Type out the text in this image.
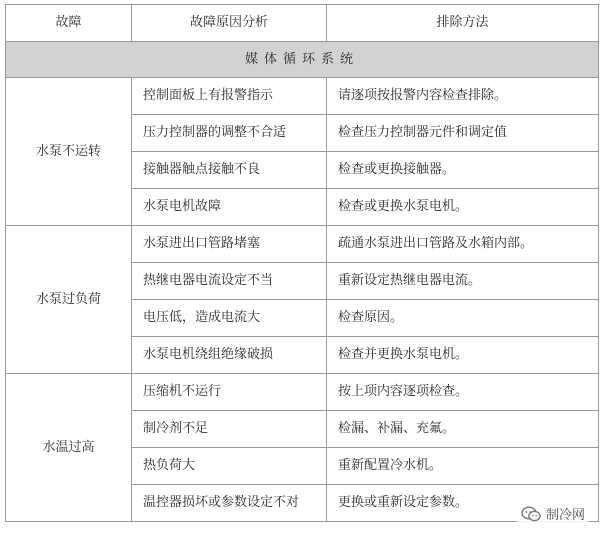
故障	故障原因分析	排除方法
媒体循环系统		
水泵不运转	控制面板上有报警指示	请逐项按报警内容检查排除。
	压力控制器的调整不合适	检查压力控制器元件和调定值
	接触器触点接触不良	检查或更换接触器。
	水泵电机故障	检查或更换水泵电机。
水泵过负荷	水泵进出口管路堵塞	疏通水泵进出口管路及水箱内部。
	热继电器电流设定不当	重新设定热继电器电流。
	电压低，造成电流大	检查原因。
	水泵电机绕组绝缘破损	检查并更换水泵电机。
水温过高	压缩机不运行	按上项内容逐项检查。
	制冷剂不足	检漏、补漏、充氟。
	热负荷大	重新配置冷水机。
	温控器损坏或参数设定不对	更换或重新设定参数。
制冷网
